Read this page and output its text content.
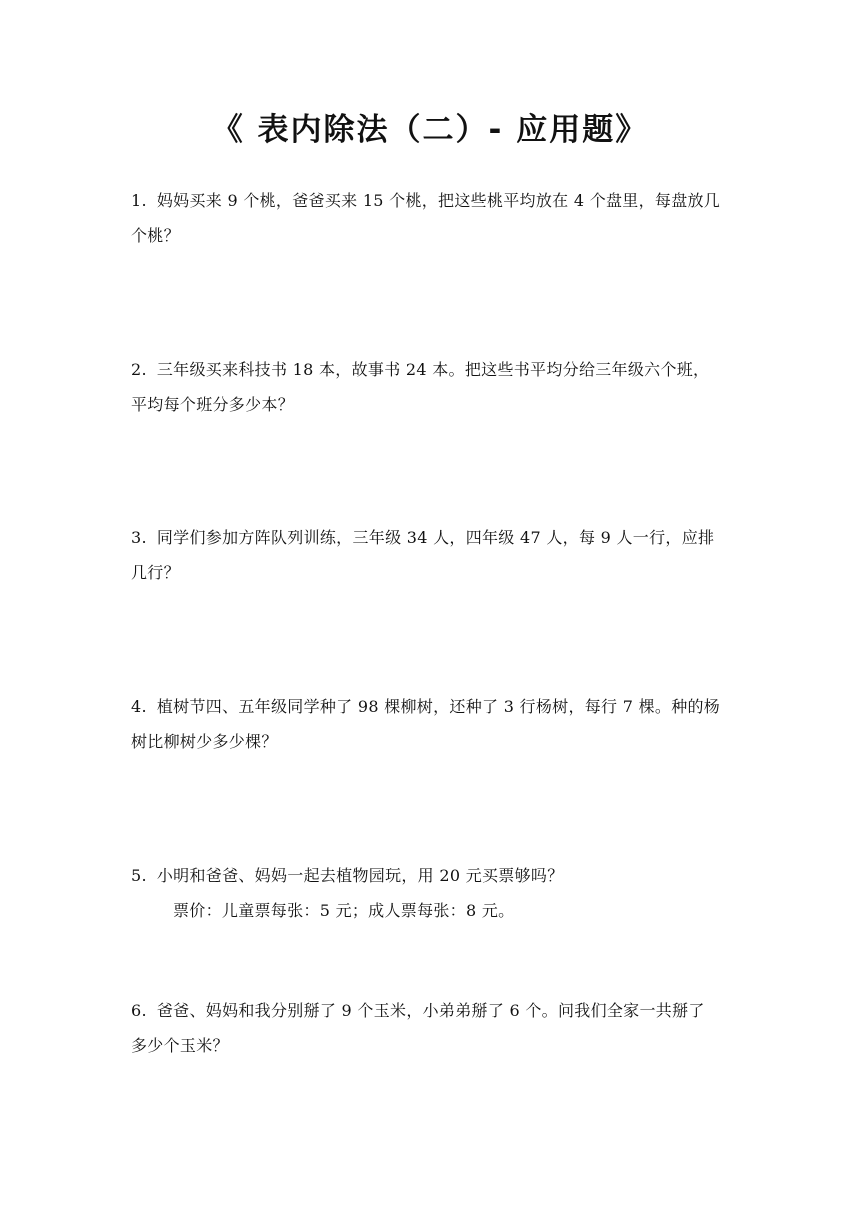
《 表内除法（二）- 应用题》
1. 妈妈买来 9 个桃，爸爸买来 15 个桃，把这些桃平均放在 4 个盘里，每盘放几
个桃？
2. 三年级买来科技书 18 本，故事书 24 本。把这些书平均分给三年级六个班，
平均每个班分多少本？
3. 同学们参加方阵队列训练，三年级 34 人，四年级 47 人，每 9 人一行，应排
几行？
4. 植树节四、五年级同学种了 98 棵柳树，还种了 3 行杨树，每行 7 棵。种的杨
树比柳树少多少棵？
5. 小明和爸爸、妈妈一起去植物园玩，用 20 元买票够吗？
票价：儿童票每张：5 元；成人票每张：8 元。
6. 爸爸、妈妈和我分别掰了 9 个玉米，小弟弟掰了 6 个。问我们全家一共掰了
多少个玉米？
